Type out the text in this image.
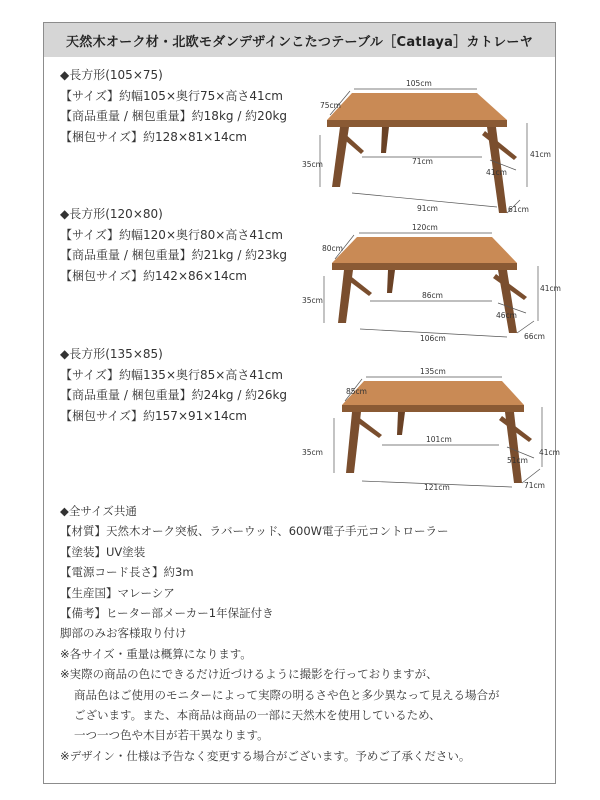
天然木オーク材・北欧モダンデザインこたつテーブル［Catlaya］カトレーヤ
◆長方形(105×75)
【サイズ】約幅105×奥行75×高さ41cm
【商品重量 / 梱包重量】約18kg / 約20kg
【梱包サイズ】約128×81×14cm
75cm
105cm
41cm
35cm	71cm
41cm
91cm	61cm
◆長方形(120×80)
【サイズ】約幅120×奥行80×高さ41cm
【商品重量 / 梱包重量】約21kg / 約23kg
【梱包サイズ】約142×86×14cm
80cm
120cm
41cm
35cm
86cm
46cm
106cm	66cm
◆長方形(135×85)
【サイズ】約幅135×奥行85×高さ41cm
【商品重量 / 梱包重量】約24kg / 約26kg
【梱包サイズ】約157×91×14cm
85cm
135cm
41cm
35cm
101cm
51cm
121cm	71cm
◆全サイズ共通
【材質】天然木オーク突板、ラバーウッド、600W電子手元コントローラー
【塗装】UV塗装
【電源コード長さ】約3m
【生産国】マレーシア
【備考】ヒーター部メーカー1年保証付き
脚部のみお客様取り付け
※各サイズ・重量は概算になります。
※実際の商品の色にできるだけ近づけるように撮影を行っておりますが、
商品色はご使用のモニターによって実際の明るさや色と多少異なって見える場合が
ございます。また、本商品は商品の一部に天然木を使用しているため、
一つ一つ色や木目が若干異なります。
※デザイン・仕様は予告なく変更する場合がございます。予めご了承ください。
